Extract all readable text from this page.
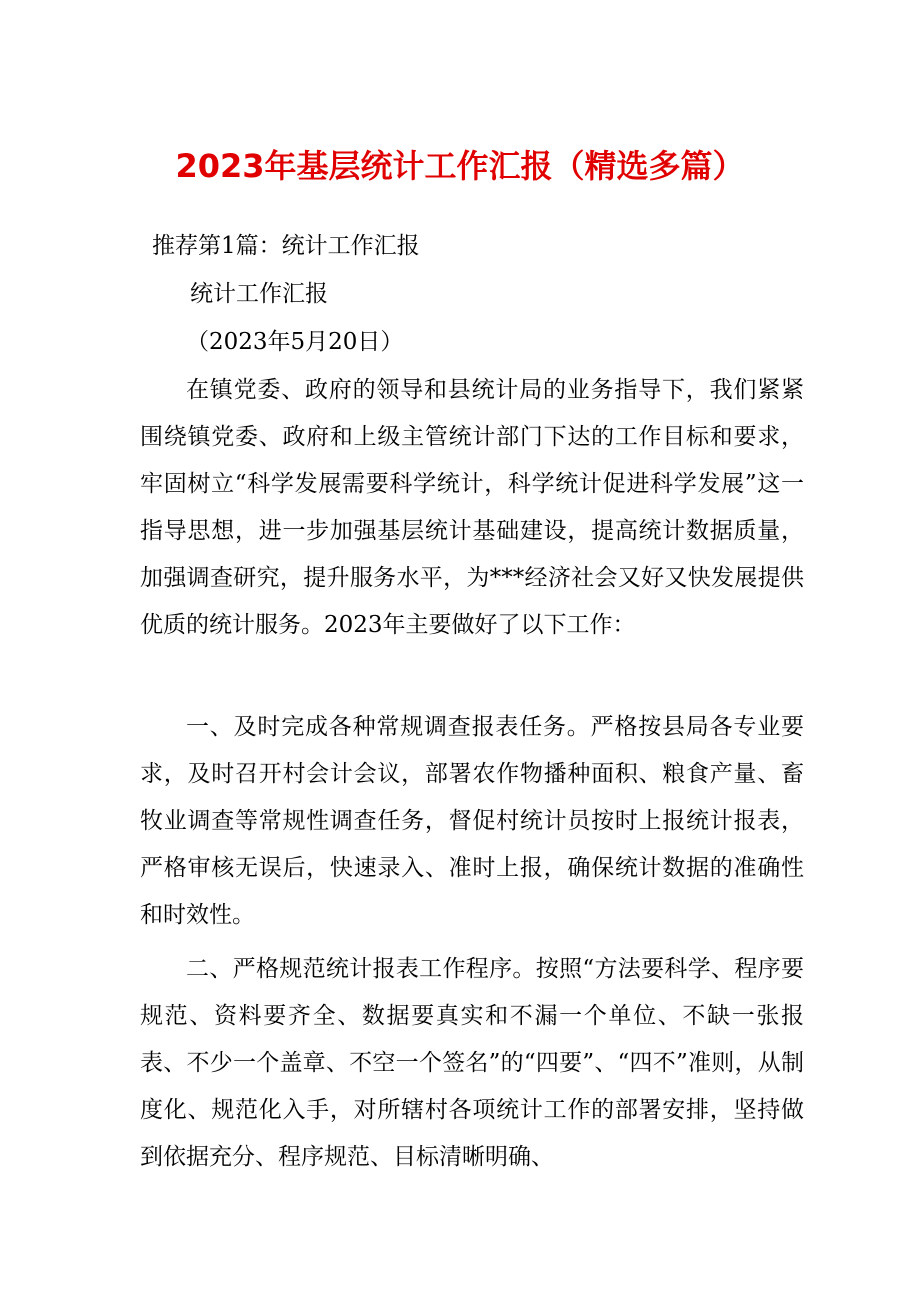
2023年基层统计工作汇报（精选多篇）

推荐第1篇：统计工作汇报

统计工作汇报

（2023年5月20日）

在镇党委、政府的领导和县统计局的业务指导下，我们紧紧围绕镇党委、政府和上级主管统计部门下达的工作目标和要求，牢固树立“科学发展需要科学统计，科学统计促进科学发展”这一指导思想，进一步加强基层统计基础建设，提高统计数据质量，加强调查研究，提升服务水平，为***经济社会又好又快发展提供优质的统计服务。2023年主要做好了以下工作：

一、及时完成各种常规调查报表任务。严格按县局各专业要求，及时召开村会计会议，部署农作物播种面积、粮食产量、畜牧业调查等常规性调查任务，督促村统计员按时上报统计报表，严格审核无误后，快速录入、准时上报，确保统计数据的准确性和时效性。

二、严格规范统计报表工作程序。按照“方法要科学、程序要规范、资料要齐全、数据要真实和不漏一个单位、不缺一张报表、不少一个盖章、不空一个签名”的“四要”、“四不”准则，从制度化、规范化入手，对所辖村各项统计工作的部署安排，坚持做到依据充分、程序规范、目标清晰明确、
